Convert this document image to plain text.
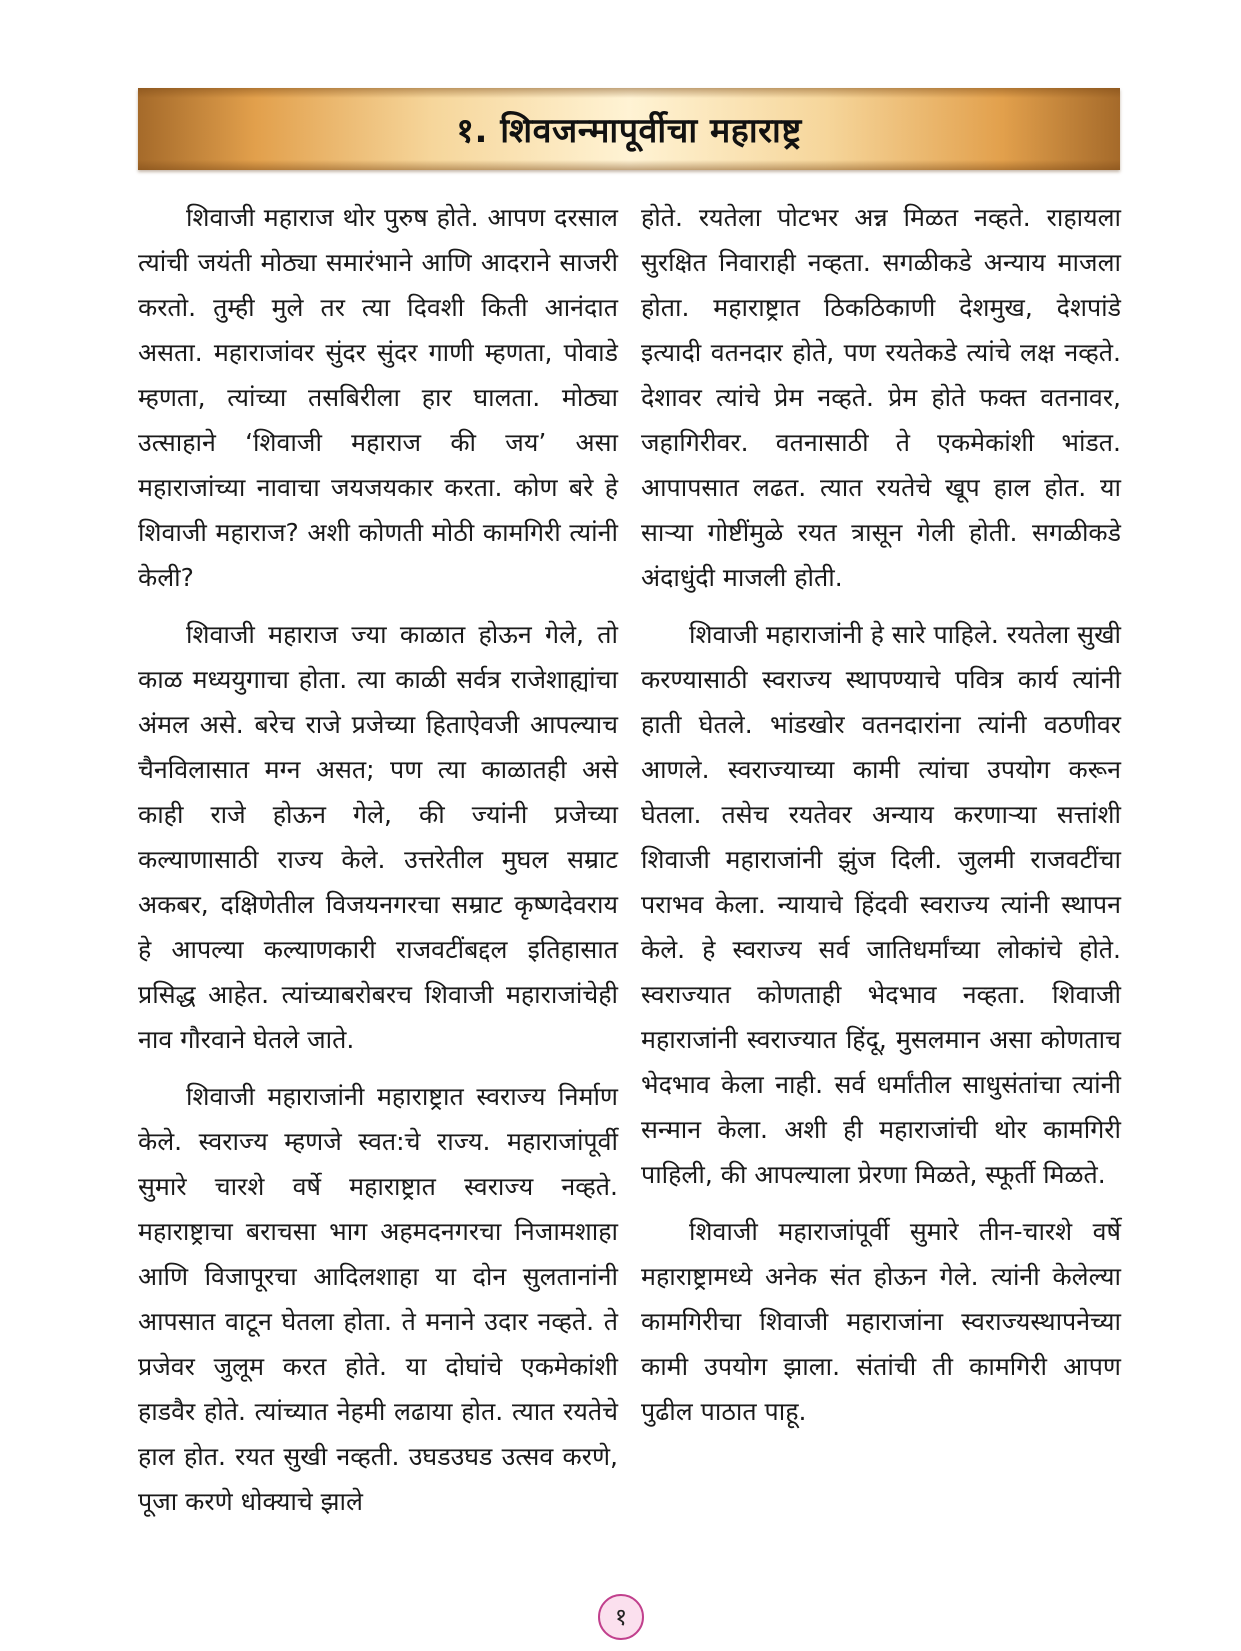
१. शिवजन्मापूर्वीचा महाराष्ट्र

शिवाजी महाराज थोर पुरुष होते. आपण दरसाल त्यांची जयंती मोठ्या समारंभाने आणि आदराने साजरी करतो. तुम्ही मुले तर त्या दिवशी किती आनंदात असता. महाराजांवर सुंदर सुंदर गाणी म्हणता, पोवाडे म्हणता, त्यांच्या तसबिरीला हार घालता. मोठ्या उत्साहाने ‘शिवाजी महाराज की जय’ असा महाराजांच्या नावाचा जयजयकार करता. कोण बरे हे शिवाजी महाराज? अशी कोणती मोठी कामगिरी त्यांनी केली?

शिवाजी महाराज ज्या काळात होऊन गेले, तो काळ मध्ययुगाचा होता. त्या काळी सर्वत्र राजेशाह्यांचा अंमल असे. बरेच राजे प्रजेच्या हिताऐवजी आपल्याच चैनविलासात मग्न असत; पण त्या काळातही असे काही राजे होऊन गेले, की ज्यांनी प्रजेच्या कल्याणासाठी राज्य केले. उत्तरेतील मुघल सम्राट अकबर, दक्षिणेतील विजयनगरचा सम्राट कृष्णदेवराय हे आपल्या कल्याणकारी राजवटींबद्दल इतिहासात प्रसिद्ध आहेत. त्यांच्याबरोबरच शिवाजी महाराजांचेही नाव गौरवाने घेतले जाते.

शिवाजी महाराजांनी महाराष्ट्रात स्वराज्य निर्माण केले. स्वराज्य म्हणजे स्वत:चे राज्य. महाराजांपूर्वी सुमारे चारशे वर्षे महाराष्ट्रात स्वराज्य नव्हते. महाराष्ट्राचा बराचसा भाग अहमदनगरचा निजामशाहा आणि विजापूरचा आदिलशाहा या दोन सुलतानांनी आपसात वाटून घेतला होता. ते मनाने उदार नव्हते. ते प्रजेवर जुलूम करत होते. या दोघांचे एकमेकांशी हाडवैर होते. त्यांच्यात नेहमी लढाया होत. त्यात रयतेचे हाल होत. रयत सुखी नव्हती. उघडउघड उत्सव करणे, पूजा करणे धोक्याचे झाले

होते. रयतेला पोटभर अन्न मिळत नव्हते. राहायला सुरक्षित निवाराही नव्हता. सगळीकडे अन्याय माजला होता. महाराष्ट्रात ठिकठिकाणी देशमुख, देशपांडे इत्यादी वतनदार होते, पण रयतेकडे त्यांचे लक्ष नव्हते. देशावर त्यांचे प्रेम नव्हते. प्रेम होते फक्त वतनावर, जहागिरीवर. वतनासाठी ते एकमेकांशी भांडत. आपापसात लढत. त्यात रयतेचे खूप हाल होत. या साऱ्या गोष्टींमुळे रयत त्रासून गेली होती. सगळीकडे अंदाधुंदी माजली होती.

शिवाजी महाराजांनी हे सारे पाहिले. रयतेला सुखी करण्यासाठी स्वराज्य स्थापण्याचे पवित्र कार्य त्यांनी हाती घेतले. भांडखोर वतनदारांना त्यांनी वठणीवर आणले. स्वराज्याच्या कामी त्यांचा उपयोग करून घेतला. तसेच रयतेवर अन्याय करणाऱ्या सत्तांशी शिवाजी महाराजांनी झुंज दिली. जुलमी राजवटींचा पराभव केला. न्यायाचे हिंदवी स्वराज्य त्यांनी स्थापन केले. हे स्वराज्य सर्व जातिधर्मांच्या लोकांचे होते. स्वराज्यात कोणताही भेदभाव नव्हता. शिवाजी महाराजांनी स्वराज्यात हिंदू, मुसलमान असा कोणताच भेदभाव केला नाही. सर्व धर्मांतील साधुसंतांचा त्यांनी सन्मान केला. अशी ही महाराजांची थोर कामगिरी पाहिली, की आपल्याला प्रेरणा मिळते, स्फूर्ती मिळते.

शिवाजी महाराजांपूर्वी सुमारे तीन-चारशे वर्षे महाराष्ट्रामध्ये अनेक संत होऊन गेले. त्यांनी केलेल्या कामगिरीचा शिवाजी महाराजांना स्वराज्यस्थापनेच्या कामी उपयोग झाला. संतांची ती कामगिरी आपण पुढील पाठात पाहू.

१
